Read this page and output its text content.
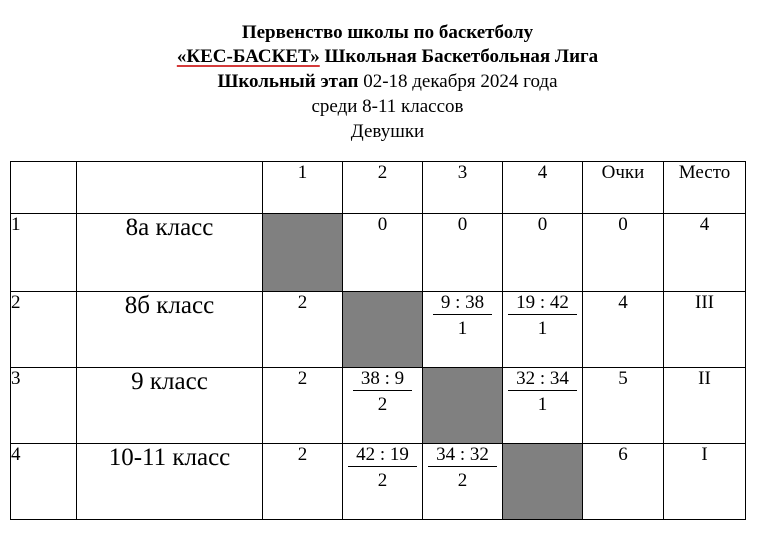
Первенство школы по баскетболу
«КЕС-БАСКЕТ» Школьная Баскетбольная Лига
Школьный этап 02-18 декабря 2024 года
среди 8-11 классов
Девушки
		1	2	3	4	Очки	Место
1	8а класс		0	0	0	0	4
2	8б класс	2		$\frac{9 : 38}{1}$	$\frac{19 : 42}{1}$	4	III
3	9 класс	2	$\frac{38 : 9}{2}$		$\frac{32 : 34}{1}$	5	II
4	10-11 класс	2	$\frac{42 : 19}{2}$	$\frac{34 : 32}{2}$		6	I
